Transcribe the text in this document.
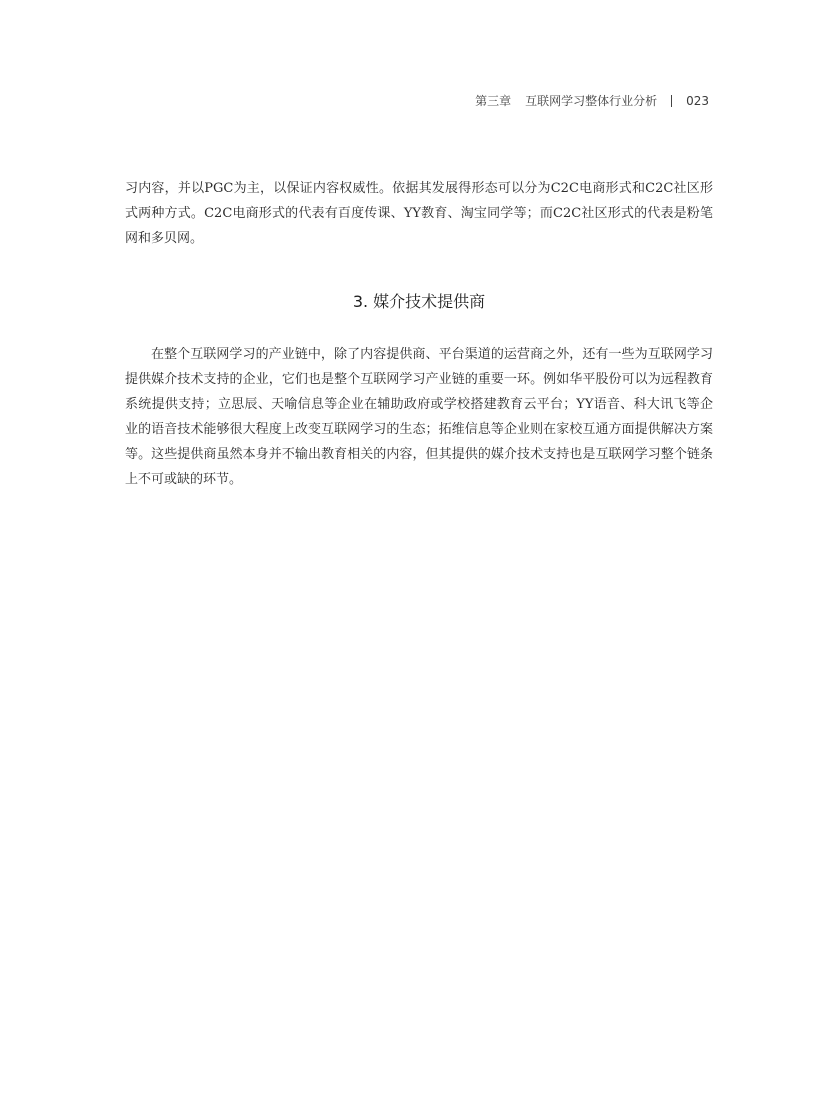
第三章 互联网学习整体行业分析 023

习内容，并以PGC为主，以保证内容权威性。依据其发展得形态可以分为C2C电商形式和C2C社区形式两种方式。C2C电商形式的代表有百度传课、YY教育、淘宝同学等；而C2C社区形式的代表是粉笔网和多贝网。

3. 媒介技术提供商

在整个互联网学习的产业链中，除了内容提供商、平台渠道的运营商之外，还有一些为互联网学习提供媒介技术支持的企业，它们也是整个互联网学习产业链的重要一环。例如华平股份可以为远程教育系统提供支持；立思辰、天喻信息等企业在辅助政府或学校搭建教育云平台；YY语音、科大讯飞等企业的语音技术能够很大程度上改变互联网学习的生态；拓维信息等企业则在家校互通方面提供解决方案等。这些提供商虽然本身并不输出教育相关的内容，但其提供的媒介技术支持也是互联网学习整个链条上不可或缺的环节。
